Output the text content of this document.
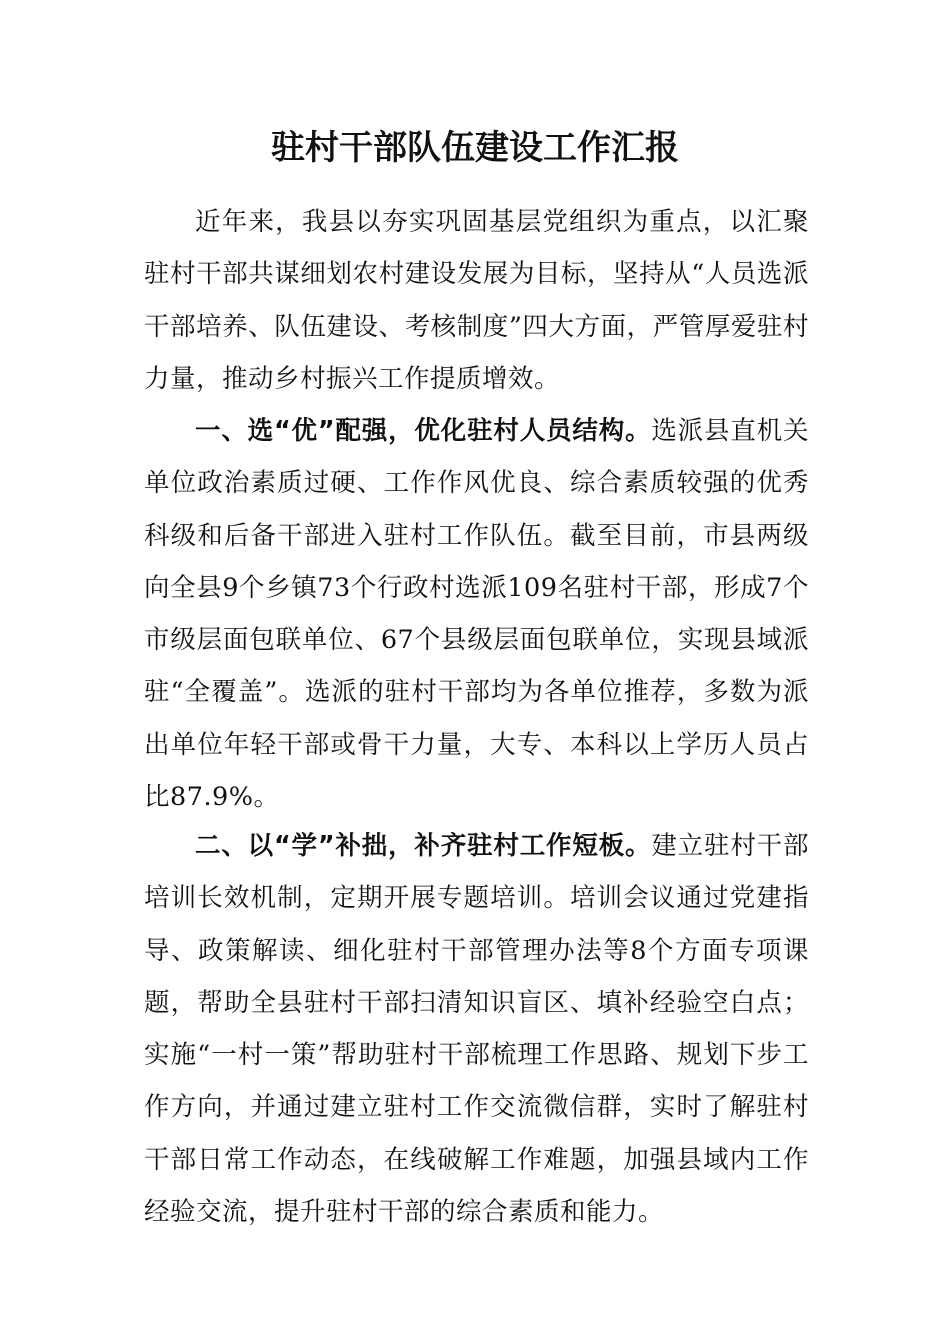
驻村干部队伍建设工作汇报

近年来，我县以夯实巩固基层党组织为重点，以汇聚驻村干部共谋细划农村建设发展为目标，坚持从“人员选派干部培养、队伍建设、考核制度”四大方面，严管厚爱驻村力量，推动乡村振兴工作提质增效。

一、选“优”配强，优化驻村人员结构。选派县直机关单位政治素质过硬、工作作风优良、综合素质较强的优秀科级和后备干部进入驻村工作队伍。截至目前，市县两级向全县9个乡镇73个行政村选派109名驻村干部，形成7个市级层面包联单位、67个县级层面包联单位，实现县域派驻“全覆盖”。选派的驻村干部均为各单位推荐，多数为派出单位年轻干部或骨干力量，大专、本科以上学历人员占比87.9%。

二、以“学”补拙，补齐驻村工作短板。建立驻村干部培训长效机制，定期开展专题培训。培训会议通过党建指导、政策解读、细化驻村干部管理办法等8个方面专项课题，帮助全县驻村干部扫清知识盲区、填补经验空白点；实施“一村一策”帮助驻村干部梳理工作思路、规划下步工作方向，并通过建立驻村工作交流微信群，实时了解驻村干部日常工作动态，在线破解工作难题，加强县域内工作经验交流，提升驻村干部的综合素质和能力。
